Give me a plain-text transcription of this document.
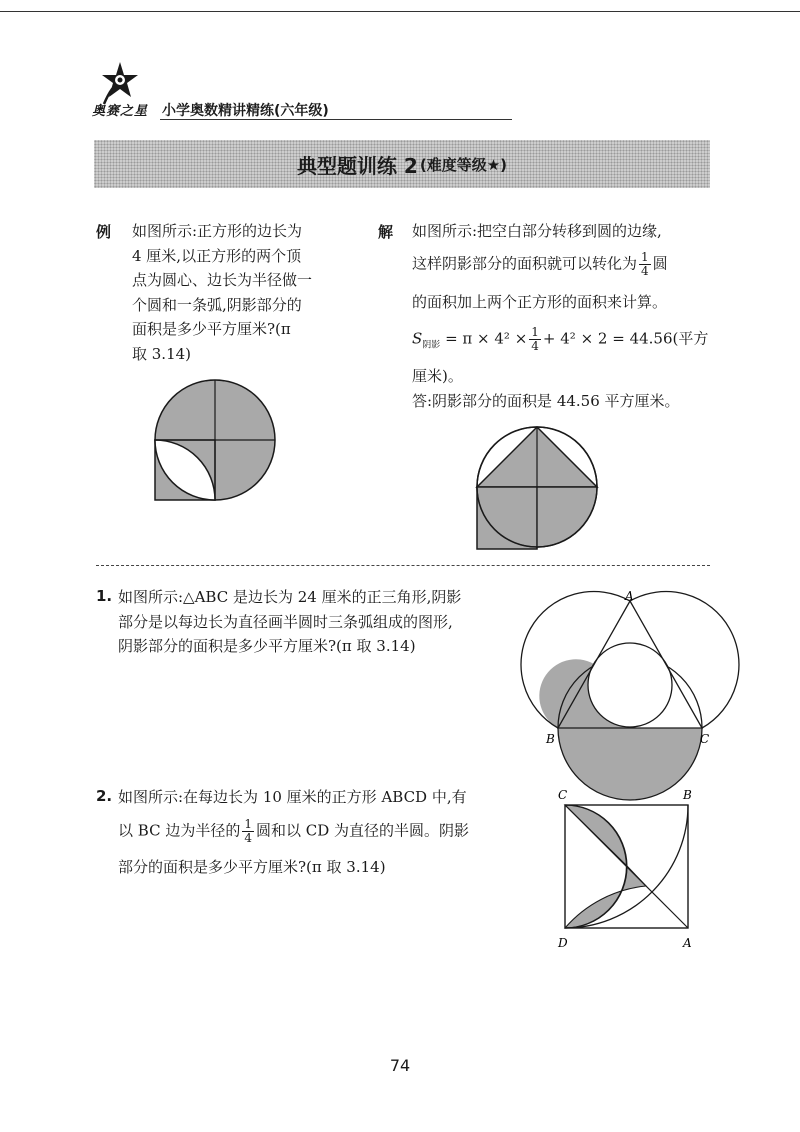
奥赛之星 小学奥数精讲精练(六年级)
典型题训练 2 (难度等级★)
例 如图所示:正方形的边长为
4 厘米,以正方形的两个顶
点为圆心、边长为半径做一
个圆和一条弧,阴影部分的
面积是多少平方厘米?(π
取 3.14)
解 如图所示:把空白部分转移到圆的边缘,
这样阴影部分的面积就可以转化为 $\frac{1}{4}$ 圆
的面积加上两个正方形的面积来计算。
$S_{阴影} = \pi \times 4^2 \times \frac{1}{4} + 4^2 \times 2 = 44.56$(平方
厘米)。
答:阴影部分的面积是 44.56 平方厘米。
1. 如图所示:△ABC 是边长为 24 厘米的正三角形,阴影
部分是以每边长为直径画半圆时三条弧组成的图形,
阴影部分的面积是多少平方厘米?(π 取 3.14)
A
B	C
2. 如图所示:在每边长为 10 厘米的正方形 ABCD 中,有
以 BC 边为半径的 $\frac{1}{4}$ 圆和以 CD 为直径的半圆。阴影
部分的面积是多少平方厘米?(π 取 3.14)
C	B
D	A
74
